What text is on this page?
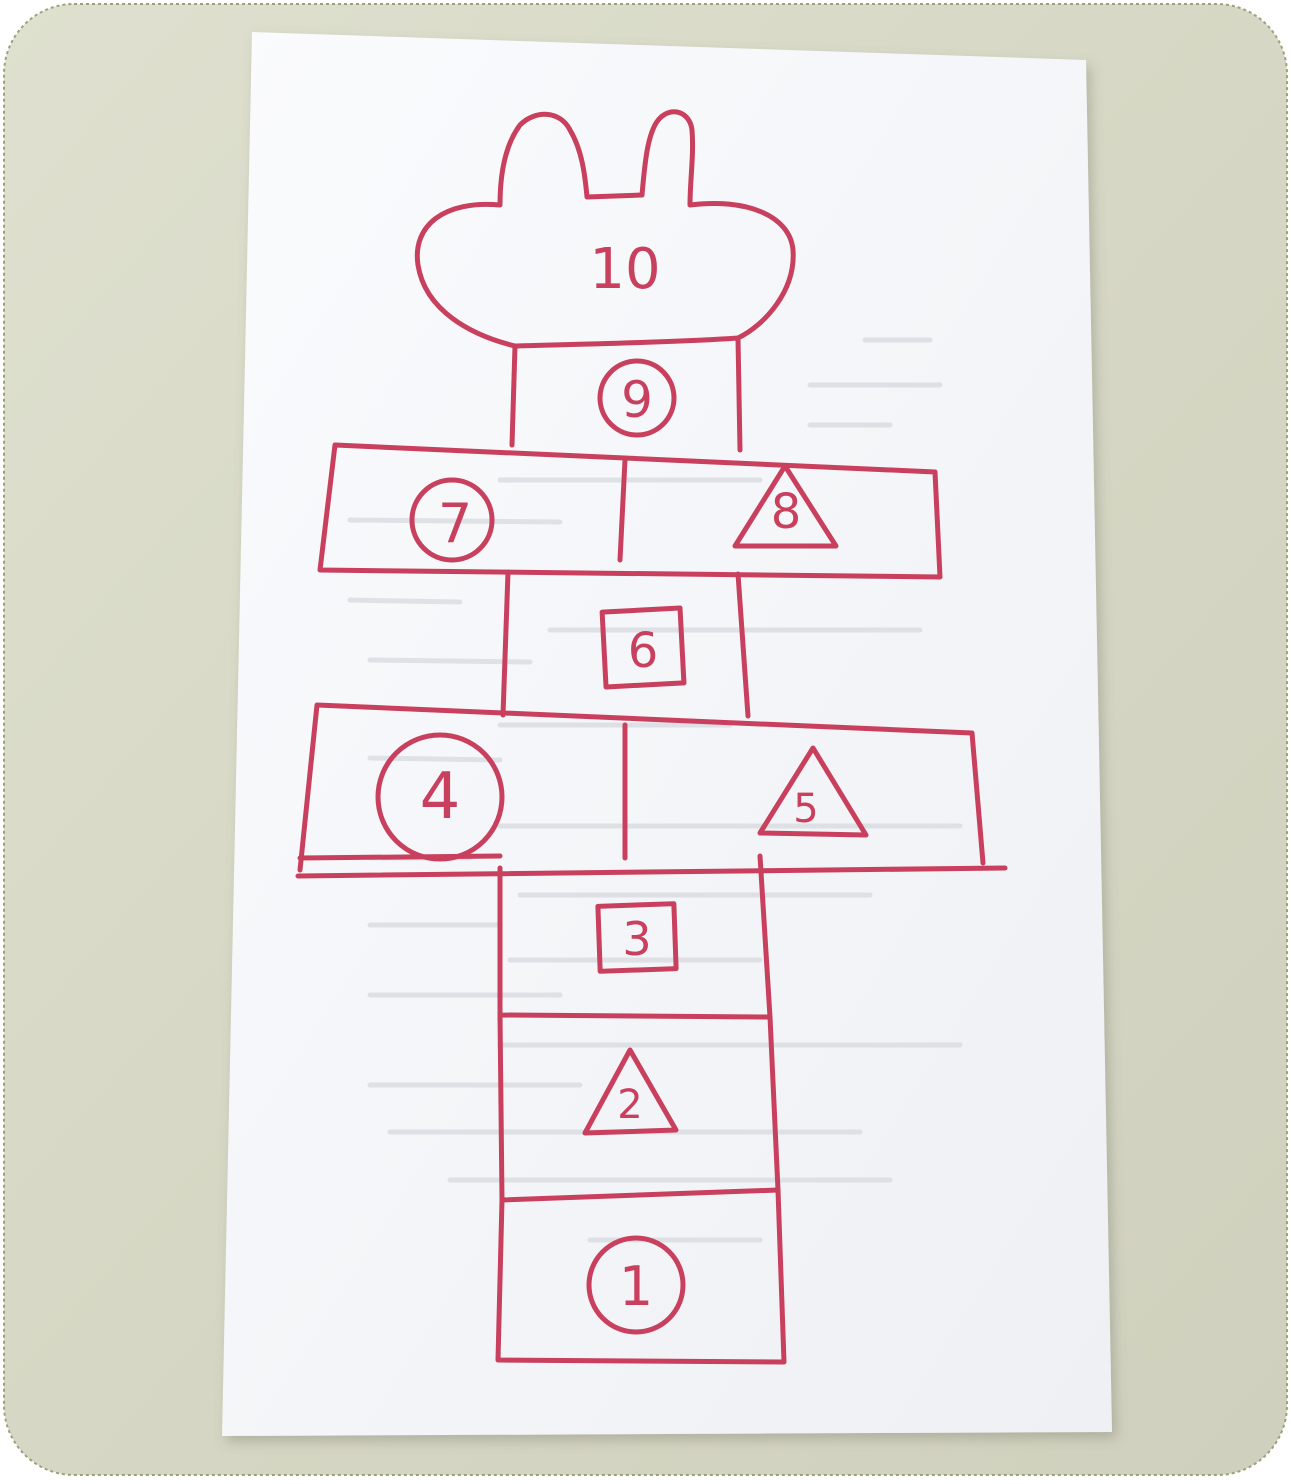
10
9
7	8
6
4	5
3
2
1
